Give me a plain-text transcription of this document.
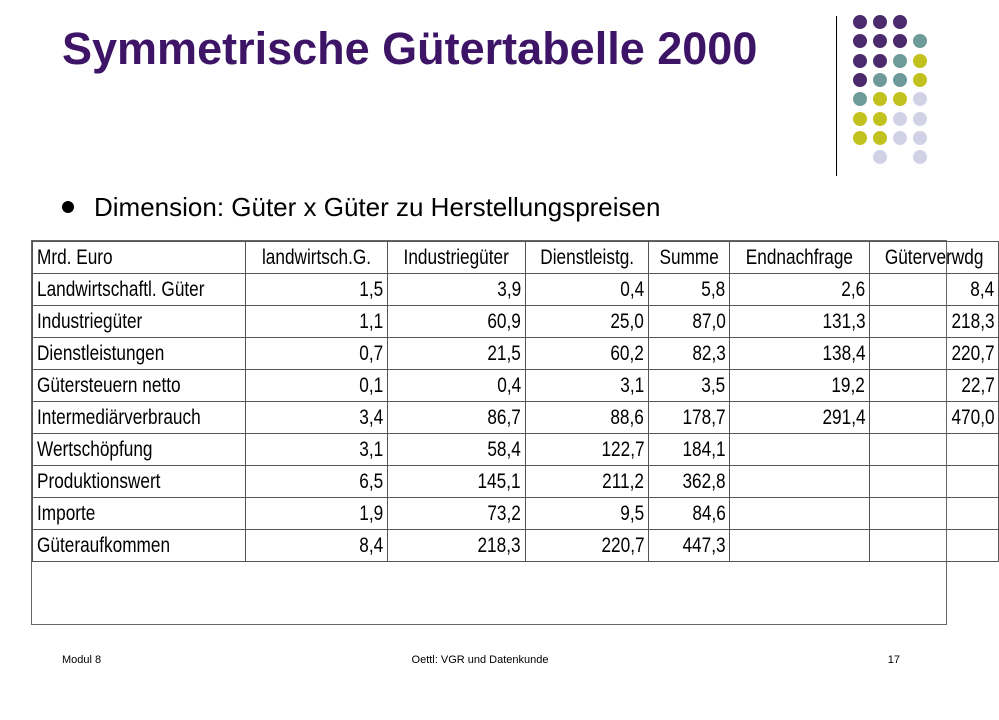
Symmetrische Gütertabelle 2000
Dimension: Güter x Güter zu Herstellungspreisen
Mrd. Euro	landwirtsch.G.	Industriegüter	Dienstleistg.	Summe	Endnachfrage	Güterverwdg
Landwirtschaftl. Güter	1,5	3,9	0,4	5,8	2,6	8,4
Industriegüter	1,1	60,9	25,0	87,0	131,3	218,3
Dienstleistungen	0,7	21,5	60,2	82,3	138,4	220,7
Gütersteuern netto	0,1	0,4	3,1	3,5	19,2	22,7
Intermediärverbrauch	3,4	86,7	88,6	178,7	291,4	470,0
Wertschöpfung	3,1	58,4	122,7	184,1		
Produktionswert	6,5	145,1	211,2	362,8		
Importe	1,9	73,2	9,5	84,6		
Güteraufkommen	8,4	218,3	220,7	447,3		
Modul 8	Oettl: VGR und Datenkunde	17
